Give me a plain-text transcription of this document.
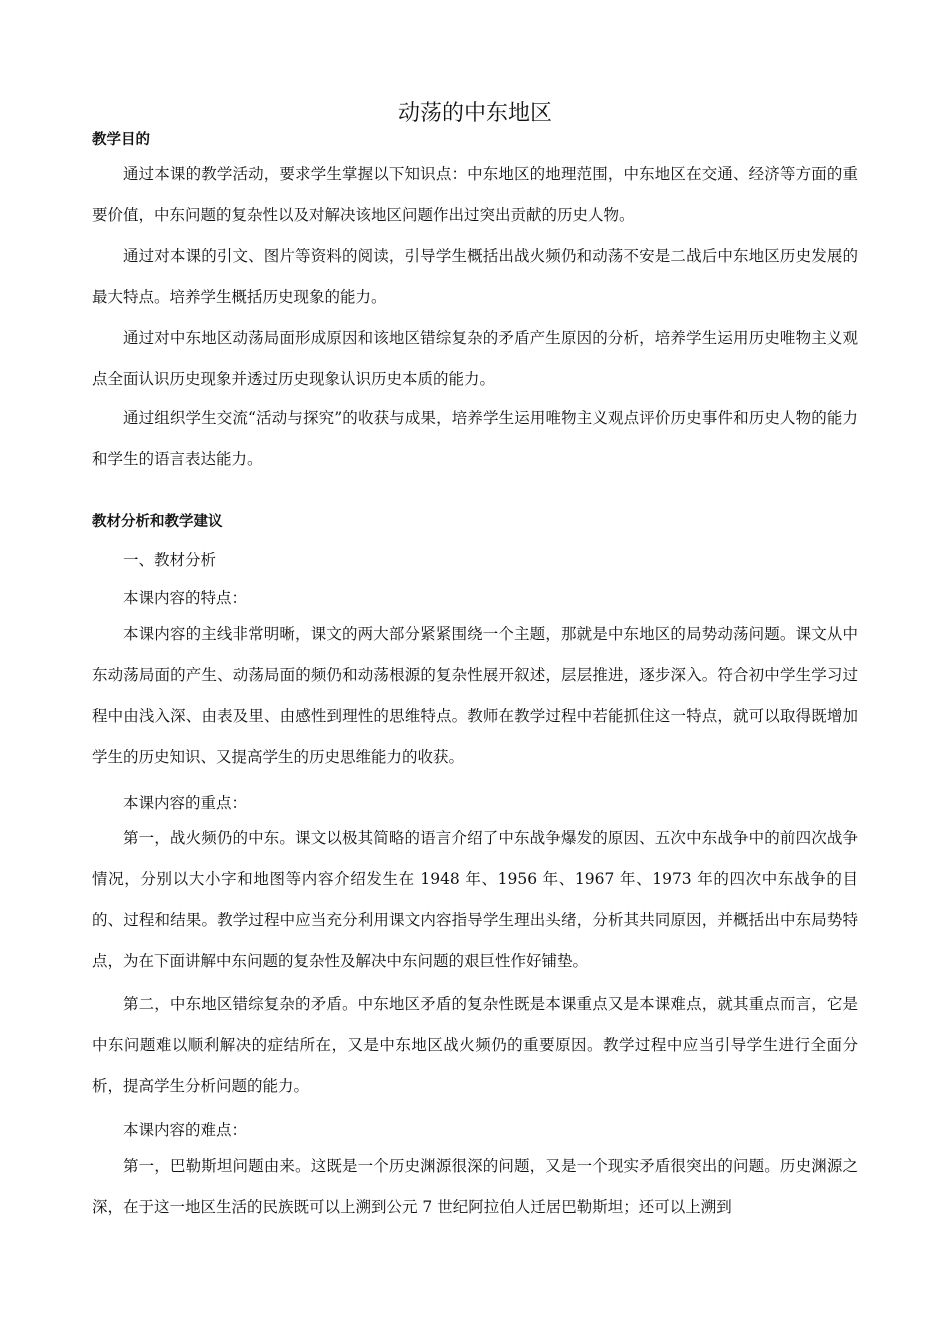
动荡的中东地区
教学目的

通过本课的教学活动，要求学生掌握以下知识点：中东地区的地理范围，中东地区在交通、经济等方面的重要价值，中东问题的复杂性以及对解决该地区问题作出过突出贡献的历史人物。

通过对本课的引文、图片等资料的阅读，引导学生概括出战火频仍和动荡不安是二战后中东地区历史发展的最大特点。培养学生概括历史现象的能力。

通过对中东地区动荡局面形成原因和该地区错综复杂的矛盾产生原因的分析，培养学生运用历史唯物主义观点全面认识历史现象并透过历史现象认识历史本质的能力。

通过组织学生交流“活动与探究”的收获与成果，培养学生运用唯物主义观点评价历史事件和历史人物的能力和学生的语言表达能力。

教材分析和教学建议

一、教材分析

本课内容的特点：

本课内容的主线非常明晰，课文的两大部分紧紧围绕一个主题，那就是中东地区的局势动荡问题。课文从中东动荡局面的产生、动荡局面的频仍和动荡根源的复杂性展开叙述，层层推进，逐步深入。符合初中学生学习过程中由浅入深、由表及里、由感性到理性的思维特点。教师在教学过程中若能抓住这一特点，就可以取得既增加学生的历史知识、又提高学生的历史思维能力的收获。

本课内容的重点：

第一，战火频仍的中东。课文以极其简略的语言介绍了中东战争爆发的原因、五次中东战争中的前四次战争情况，分别以大小字和地图等内容介绍发生在 1948 年、1956 年、1967 年、1973 年的四次中东战争的目的、过程和结果。教学过程中应当充分利用课文内容指导学生理出头绪，分析其共同原因，并概括出中东局势特点，为在下面讲解中东问题的复杂性及解决中东问题的艰巨性作好铺垫。

第二，中东地区错综复杂的矛盾。中东地区矛盾的复杂性既是本课重点又是本课难点，就其重点而言，它是中东问题难以顺利解决的症结所在，又是中东地区战火频仍的重要原因。教学过程中应当引导学生进行全面分析，提高学生分析问题的能力。

本课内容的难点：

第一，巴勒斯坦问题由来。这既是一个历史渊源很深的问题，又是一个现实矛盾很突出的问题。历史渊源之深，在于这一地区生活的民族既可以上溯到公元 7 世纪阿拉伯人迁居巴勒斯坦；还可以上溯到
